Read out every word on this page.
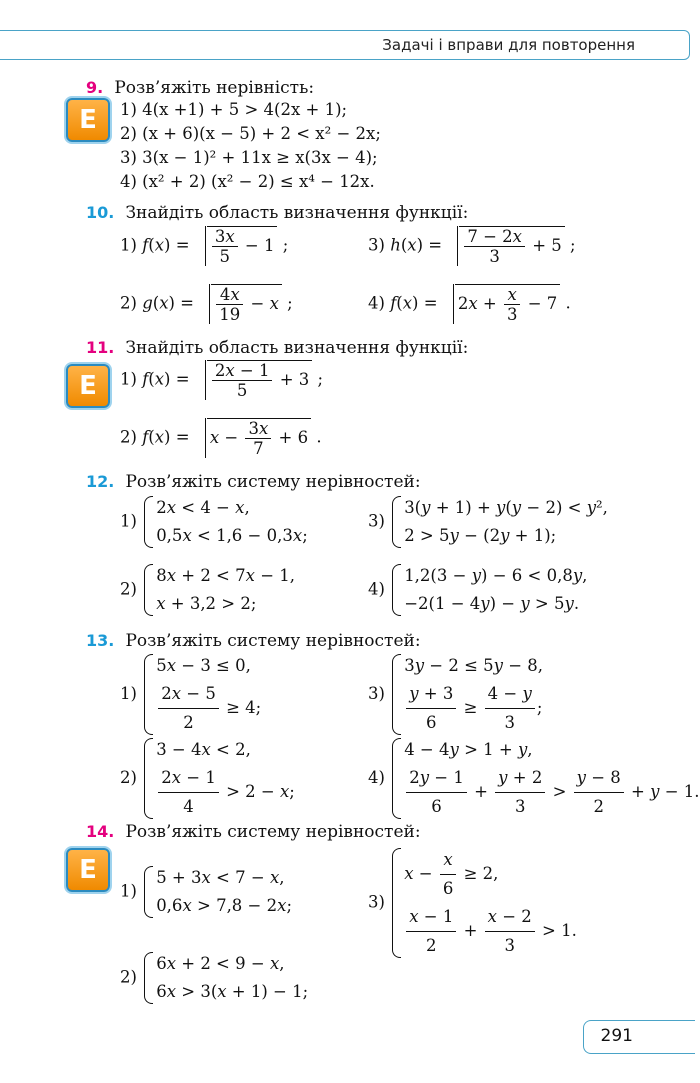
Задачі і вправи для повторення
9. Розв’яжіть нерівність:
E	1) 4(x +1) + 5 > 4(2x + 1);
2) (x + 6)(x − 5) + 2 < x² − 2x;
3) 3(x − 1)² + 11x ≥ x(3x − 4);
4) (x² + 2) (x² − 2) ≤ x⁴ − 12x.
10. Знайдіть область визначення функції:
1) $f(x) = \frac{3x}{5} - 1$ ;	3) $h(x) = \frac{7 - 2x}{3} + 5$ ;
2) $g(x) = \frac{4x}{19} - x$ ;	4) $f(x) = 2x + \frac{x}{3} - 7$ .
11. Знайдіть область визначення функції:
E	1) $f(x) = \frac{2x - 1}{5} + 3$ ;
2) $f(x) = x - \frac{3x}{7} + 6$ .
12. Розв’яжіть систему нерівностей:
1)
2x < 4 − x,
0,5x < 1,6 − 0,3x;
3)
3(y + 1) + y(y − 2) < y²,
2 > 5y − (2y + 1);
2)
8x + 2 < 7x − 1,
x + 3,2 > 2;
4)
1,2(3 − y) − 6 < 0,8y,
−2(1 − 4y) − y > 5y.
13. Розв’яжіть систему нерівностей:
1)
5x − 3 ≤ 0,
$\frac{2x - 5}{2} \ge 4$;
3)
3y − 2 ≤ 5y − 8,
$\frac{y + 3}{6} \ge \frac{4 - y}{3}$ ;
2)
3 − 4x < 2,
$\frac{2x - 1}{4} > 2 - x$;
4)
4 − 4y > 1 + y,
$\frac{2y - 1}{6} + \frac{y + 2}{3} > \frac{y - 8}{2} + y - 1$.
14. Розв’яжіть систему нерівностей:
E
1)
5 + 3x < 7 − x,
0,6x > 7,8 − 2x;	3)
$x - \frac{x}{6} \ge 2$,
$\frac{x - 1}{2} + \frac{x - 2}{3} > 1$.
2)
6x + 2 < 9 − x,
6x > 3(x + 1) − 1;
291
